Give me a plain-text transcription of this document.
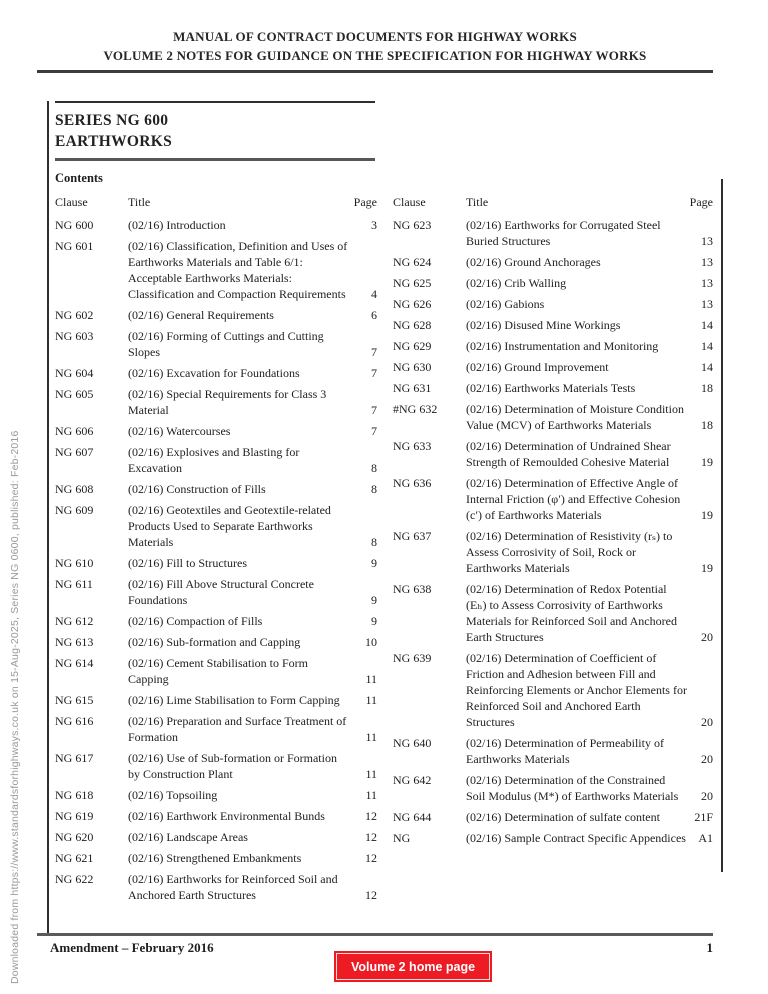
MANUAL OF CONTRACT DOCUMENTS FOR HIGHWAY WORKS
VOLUME 2 NOTES FOR GUIDANCE ON THE SPECIFICATION FOR HIGHWAY WORKS
Downloaded from https://www.standardsforhighways.co.uk on 15-Aug-2025, Series NG 0600, published: Feb-2016
SERIES NG 600
EARTHWORKS
Contents
Clause	Title	Page
NG 600	(02/16) Introduction	3
NG 601	(02/16) Classification, Definition and Uses of Earthworks Materials and Table 6/1: Acceptable Earthworks Materials: Classification and Compaction Requirements	4
NG 602	(02/16) General Requirements	6
NG 603	(02/16) Forming of Cuttings and Cutting Slopes	7
NG 604	(02/16) Excavation for Foundations	7
NG 605	(02/16) Special Requirements for Class 3 Material	7
NG 606	(02/16) Watercourses	7
NG 607	(02/16) Explosives and Blasting for Excavation	8
NG 608	(02/16) Construction of Fills	8
NG 609	(02/16) Geotextiles and Geotextile-related Products Used to Separate Earthworks Materials	8
NG 610	(02/16) Fill to Structures	9
NG 611	(02/16) Fill Above Structural Concrete Foundations	9
NG 612	(02/16) Compaction of Fills	9
NG 613	(02/16) Sub-formation and Capping	10
NG 614	(02/16) Cement Stabilisation to Form Capping	11
NG 615	(02/16) Lime Stabilisation to Form Capping	11
NG 616	(02/16) Preparation and Surface Treatment of Formation	11
NG 617	(02/16) Use of Sub-formation or Formation by Construction Plant	11
NG 618	(02/16) Topsoiling	11
NG 619	(02/16) Earthwork Environmental Bunds	12
NG 620	(02/16) Landscape Areas	12
NG 621	(02/16) Strengthened Embankments	12
NG 622	(02/16) Earthworks for Reinforced Soil and Anchored Earth Structures	12
Clause	Title	Page
NG 623	(02/16) Earthworks for Corrugated Steel Buried Structures	13
NG 624	(02/16) Ground Anchorages	13
NG 625	(02/16) Crib Walling	13
NG 626	(02/16) Gabions	13
NG 628	(02/16) Disused Mine Workings	14
NG 629	(02/16) Instrumentation and Monitoring	14
NG 630	(02/16) Ground Improvement	14
NG 631	(02/16) Earthworks Materials Tests	18
#NG 632	(02/16) Determination of Moisture Condition Value (MCV) of Earthworks Materials	18
NG 633	(02/16) Determination of Undrained Shear Strength of Remoulded Cohesive Material	19
NG 636	(02/16) Determination of Effective Angle of Internal Friction (φ′) and Effective Cohesion (c′) of Earthworks Materials	19
NG 637	(02/16) Determination of Resistivity (rₛ) to Assess Corrosivity of Soil, Rock or Earthworks Materials	19
NG 638	(02/16) Determination of Redox Potential (Eₕ) to Assess Corrosivity of Earthworks Materials for Reinforced Soil and Anchored Earth Structures	20
NG 639	(02/16) Determination of Coefficient of Friction and Adhesion between Fill and Reinforcing Elements or Anchor Elements for Reinforced Soil and Anchored Earth Structures	20
NG 640	(02/16) Determination of Permeability of Earthworks Materials	20
NG 642	(02/16) Determination of the Constrained Soil Modulus (M*) of Earthworks Materials	20
NG 644	(02/16) Determination of sulfate content	21F
NG	(02/16) Sample Contract Specific Appendices	A1
Amendment – February 2016	1
Volume 2 home page
